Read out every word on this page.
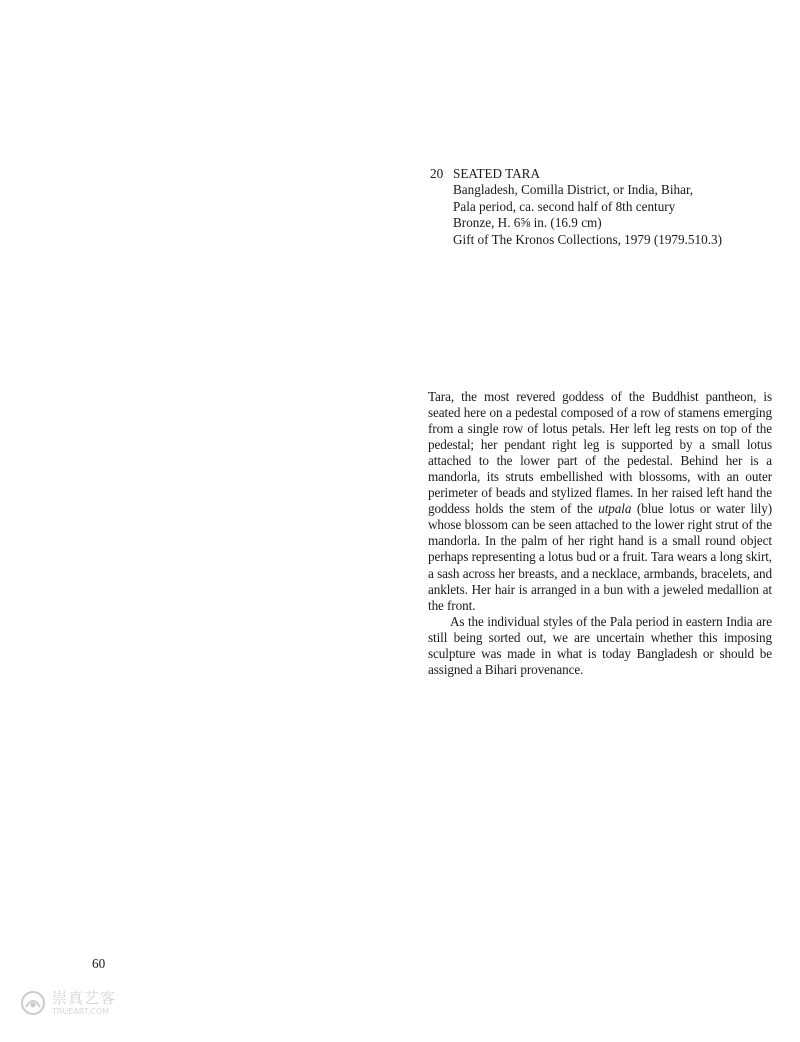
20 SEATED TARA
Bangladesh, Comilla District, or India, Bihar,
Pala period, ca. second half of 8th century
Bronze, H. 6⅝ in. (16.9 cm)
Gift of The Kronos Collections, 1979 (1979.510.3)

Tara, the most revered goddess of the Buddhist pantheon, is seated here on a pedestal composed of a row of stamens emerging from a single row of lotus petals. Her left leg rests on top of the pedestal; her pendant right leg is supported by a small lotus attached to the lower part of the pedestal. Behind her is a mandorla, its struts embellished with blossoms, with an outer perimeter of beads and stylized flames. In her raised left hand the goddess holds the stem of the utpala (blue lotus or water lily) whose blossom can be seen attached to the lower right strut of the mandorla. In the palm of her right hand is a small round object perhaps representing a lotus bud or a fruit. Tara wears a long skirt, a sash across her breasts, and a necklace, armbands, bracelets, and anklets. Her hair is arranged in a bun with a jeweled medallion at the front.

As the individual styles of the Pala period in eastern India are still being sorted out, we are uncertain whether this imposing sculpture was made in what is today Bangladesh or should be assigned a Bihari provenance.

60
崇真艺客
TRUEART.COM
